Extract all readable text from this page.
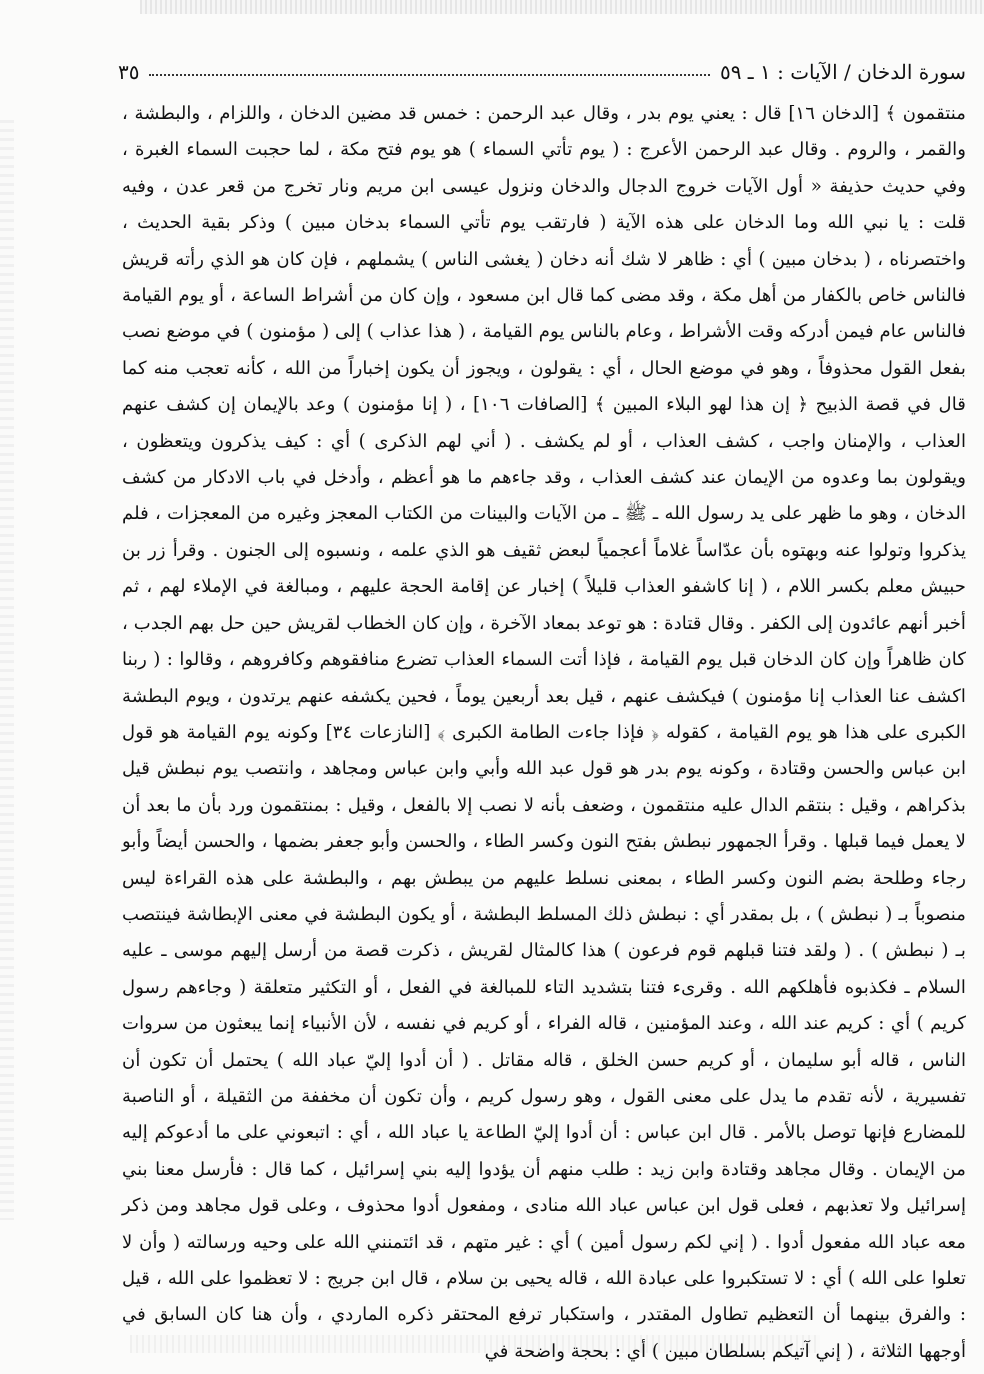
سورة الدخان / الآيات : ١ ـ ٥٩
٣٥

منتقمون ﴾ [الدخان ١٦] قال : يعني يوم بدر ، وقال عبد الرحمن : خمس قد مضين الدخان ، واللزام ، والبطشة ، والقمر ، والروم . وقال عبد الرحمن الأعرج : ( يوم تأتي السماء ) هو يوم فتح مكة ، لما حجبت السماء الغبرة ، وفي حديث حذيفة « أول الآيات خروج الدجال والدخان ونزول عيسى ابن مريم ونار تخرج من قعر عدن ، وفيه قلت : يا نبي الله وما الدخان على هذه الآية ( فارتقب يوم تأتي السماء بدخان مبين ) وذكر بقية الحديث ، واختصرناه ، ( بدخان مبين ) أي : ظاهر لا شك أنه دخان ( يغشى الناس ) يشملهم ، فإن كان هو الذي رأته قريش فالناس خاص بالكفار من أهل مكة ، وقد مضى كما قال ابن مسعود ، وإن كان من أشراط الساعة ، أو يوم القيامة فالناس عام فيمن أدركه وقت الأشراط ، وعام بالناس يوم القيامة ، ( هذا عذاب ) إلى ( مؤمنون ) في موضع نصب بفعل القول محذوفاً ، وهو في موضع الحال ، أي : يقولون ، ويجوز أن يكون إخباراً من الله ، كأنه تعجب منه كما قال في قصة الذبيح ﴿ إن هذا لهو البلاء المبين ﴾ [الصافات ١٠٦] ، ( إنا مؤمنون ) وعد بالإيمان إن كشف عنهم العذاب ، والإمنان واجب ، كشف العذاب ، أو لم يكشف . ( أني لهم الذكرى ) أي : كيف يذكرون ويتعظون ، ويقولون بما وعدوه من الإيمان عند كشف العذاب ، وقد جاءهم ما هو أعظم ، وأدخل في باب الادكار من كشف الدخان ، وهو ما ظهر على يد رسول الله ـ ﷺ ـ من الآيات والبينات من الكتاب المعجز وغيره من المعجزات ، فلم يذكروا وتولوا عنه وبهتوه بأن عدّاساً غلاماً أعجمياً لبعض ثقيف هو الذي علمه ، ونسبوه إلى الجنون . وقرأ زر بن حبيش معلم بكسر اللام ، ( إنا كاشفو العذاب قليلاً ) إخبار عن إقامة الحجة عليهم ، ومبالغة في الإملاء لهم ، ثم أخبر أنهم عائدون إلى الكفر . وقال قتادة : هو توعد بمعاد الآخرة ، وإن كان الخطاب لقريش حين حل بهم الجدب ، كان ظاهراً وإن كان الدخان قبل يوم القيامة ، فإذا أتت السماء العذاب تضرع منافقوهم وكافروهم ، وقالوا : ( ربنا اكشف عنا العذاب إنا مؤمنون ) فيكشف عنهم ، قيل بعد أربعين يوماً ، فحين يكشفه عنهم يرتدون ، ويوم البطشة الكبرى على هذا هو يوم القيامة ، كقوله ﴿ فإذا جاءت الطامة الكبرى ﴾ [النازعات ٣٤] وكونه يوم القيامة هو قول ابن عباس والحسن وقتادة ، وكونه يوم بدر هو قول عبد الله وأبي وابن عباس ومجاهد ، وانتصب يوم نبطش قيل بذكراهم ، وقيل : بنتقم الدال عليه منتقمون ، وضعف بأنه لا نصب إلا بالفعل ، وقيل : بمنتقمون ورد بأن ما بعد أن لا يعمل فيما قبلها . وقرأ الجمهور نبطش بفتح النون وكسر الطاء ، والحسن وأبو جعفر بضمها ، والحسن أيضاً وأبو رجاء وطلحة بضم النون وكسر الطاء ، بمعنى نسلط عليهم من يبطش بهم ، والبطشة على هذه القراءة ليس منصوباً بـ ( نبطش ) ، بل بمقدر أي : نبطش ذلك المسلط البطشة ، أو يكون البطشة في معنى الإبطاشة فينتصب بـ ( نبطش ) . ( ولقد فتنا قبلهم قوم فرعون ) هذا كالمثال لقريش ، ذكرت قصة من أرسل إليهم موسى ـ عليه السلام ـ فكذبوه فأهلكهم الله . وقرىء فتنا بتشديد التاء للمبالغة في الفعل ، أو التكثير متعلقة ( وجاءهم رسول كريم ) أي : كريم عند الله ، وعند المؤمنين ، قاله الفراء ، أو كريم في نفسه ، لأن الأنبياء إنما يبعثون من سروات الناس ، قاله أبو سليمان ، أو كريم حسن الخلق ، قاله مقاتل . ( أن أدوا إليّ عباد الله ) يحتمل أن تكون أن تفسيرية ، لأنه تقدم ما يدل على معنى القول ، وهو رسول كريم ، وأن تكون أن مخففة من الثقيلة ، أو الناصبة للمضارع فإنها توصل بالأمر . قال ابن عباس : أن أدوا إليّ الطاعة يا عباد الله ، أي : اتبعوني على ما أدعوكم إليه من الإيمان . وقال مجاهد وقتادة وابن زيد : طلب منهم أن يؤدوا إليه بني إسرائيل ، كما قال : فأرسل معنا بني إسرائيل ولا تعذبهم ، فعلى قول ابن عباس عباد الله منادى ، ومفعول أدوا محذوف ، وعلى قول مجاهد ومن ذكر معه عباد الله مفعول أدوا . ( إني لكم رسول أمين ) أي : غير متهم ، قد ائتمنني الله على وحيه ورسالته ( وأن لا تعلوا على الله ) أي : لا تستكبروا على عبادة الله ، قاله يحيى بن سلام ، قال ابن جريج : لا تعظموا على الله ، قيل : والفرق بينهما أن التعظيم تطاول المقتدر ، واستكبار ترفع المحتقر ذكره الماردي ، وأن هنا كان السابق في أوجهها الثلاثة ، ( إني آتيكم بسلطان مبين ) أي : بحجة واضحة في
